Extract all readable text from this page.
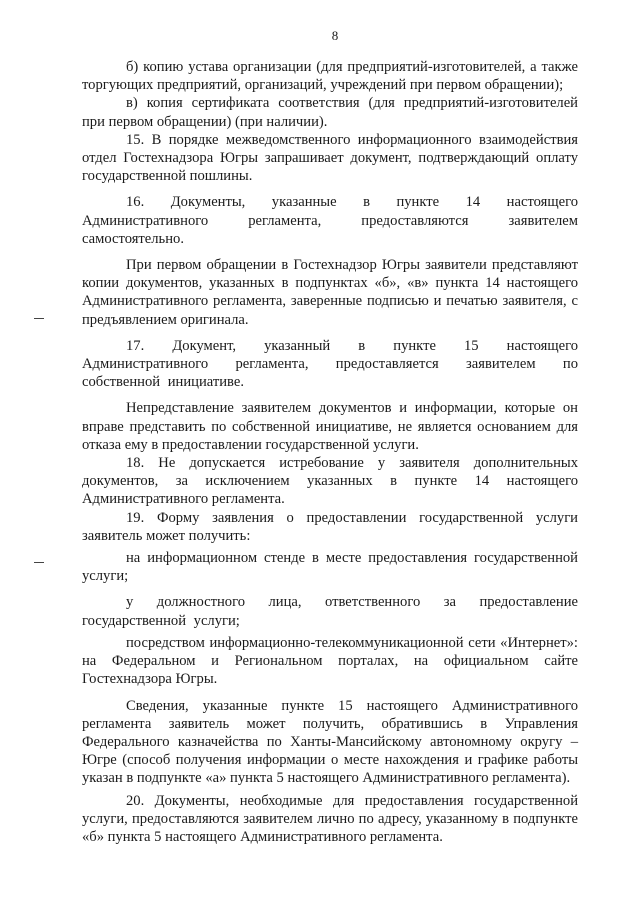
8

б) копию устава организации (для предприятий-изготовителей, а также торгующих предприятий, организаций, учреждений при первом обращении);

в) копия сертификата соответствия (для предприятий-изготовителей при первом обращении) (при наличии).

15. В порядке межведомственного информационного взаимодействия отдел Гостехнадзора Югры запрашивает документ, подтверждающий оплату государственной пошлины.

16. Документы, указанные в пункте 14 настоящего Административного регламента, предоставляются заявителем самостоятельно.

При первом обращении в Гостехнадзор Югры заявители представляют копии документов, указанных в подпунктах «б», «в» пункта 14 настоящего Административного регламента, заверенные подписью и печатью заявителя, с предъявлением оригинала.

17. Документ, указанный в пункте 15 настоящего Административного регламента, предоставляется заявителем по собственной инициативе.

Непредставление заявителем документов и информации, которые он вправе представить по собственной инициативе, не является основанием для отказа ему в предоставлении государственной услуги.

18. Не допускается истребование у заявителя дополнительных документов, за исключением указанных в пункте 14 настоящего Административного регламента.

19. Форму заявления о предоставлении государственной услуги заявитель может получить:

на информационном стенде в месте предоставления государственной услуги;

у должностного лица, ответственного за предоставление государственной услуги;

посредством информационно-телекоммуникационной сети «Интернет»: на Федеральном и Региональном порталах, на официальном сайте Гостехнадзора Югры.

Сведения, указанные пункте 15 настоящего Административного регламента заявитель может получить, обратившись в Управления Федерального казначейства по Ханты-Мансийскому автономному округу – Югре (способ получения информации о месте нахождения и графике работы указан в подпункте «а» пункта 5 настоящего Административного регламента).

20. Документы, необходимые для предоставления государственной услуги, предоставляются заявителем лично по адресу, указанному в подпункте «б» пункта 5 настоящего Административного регламента.
